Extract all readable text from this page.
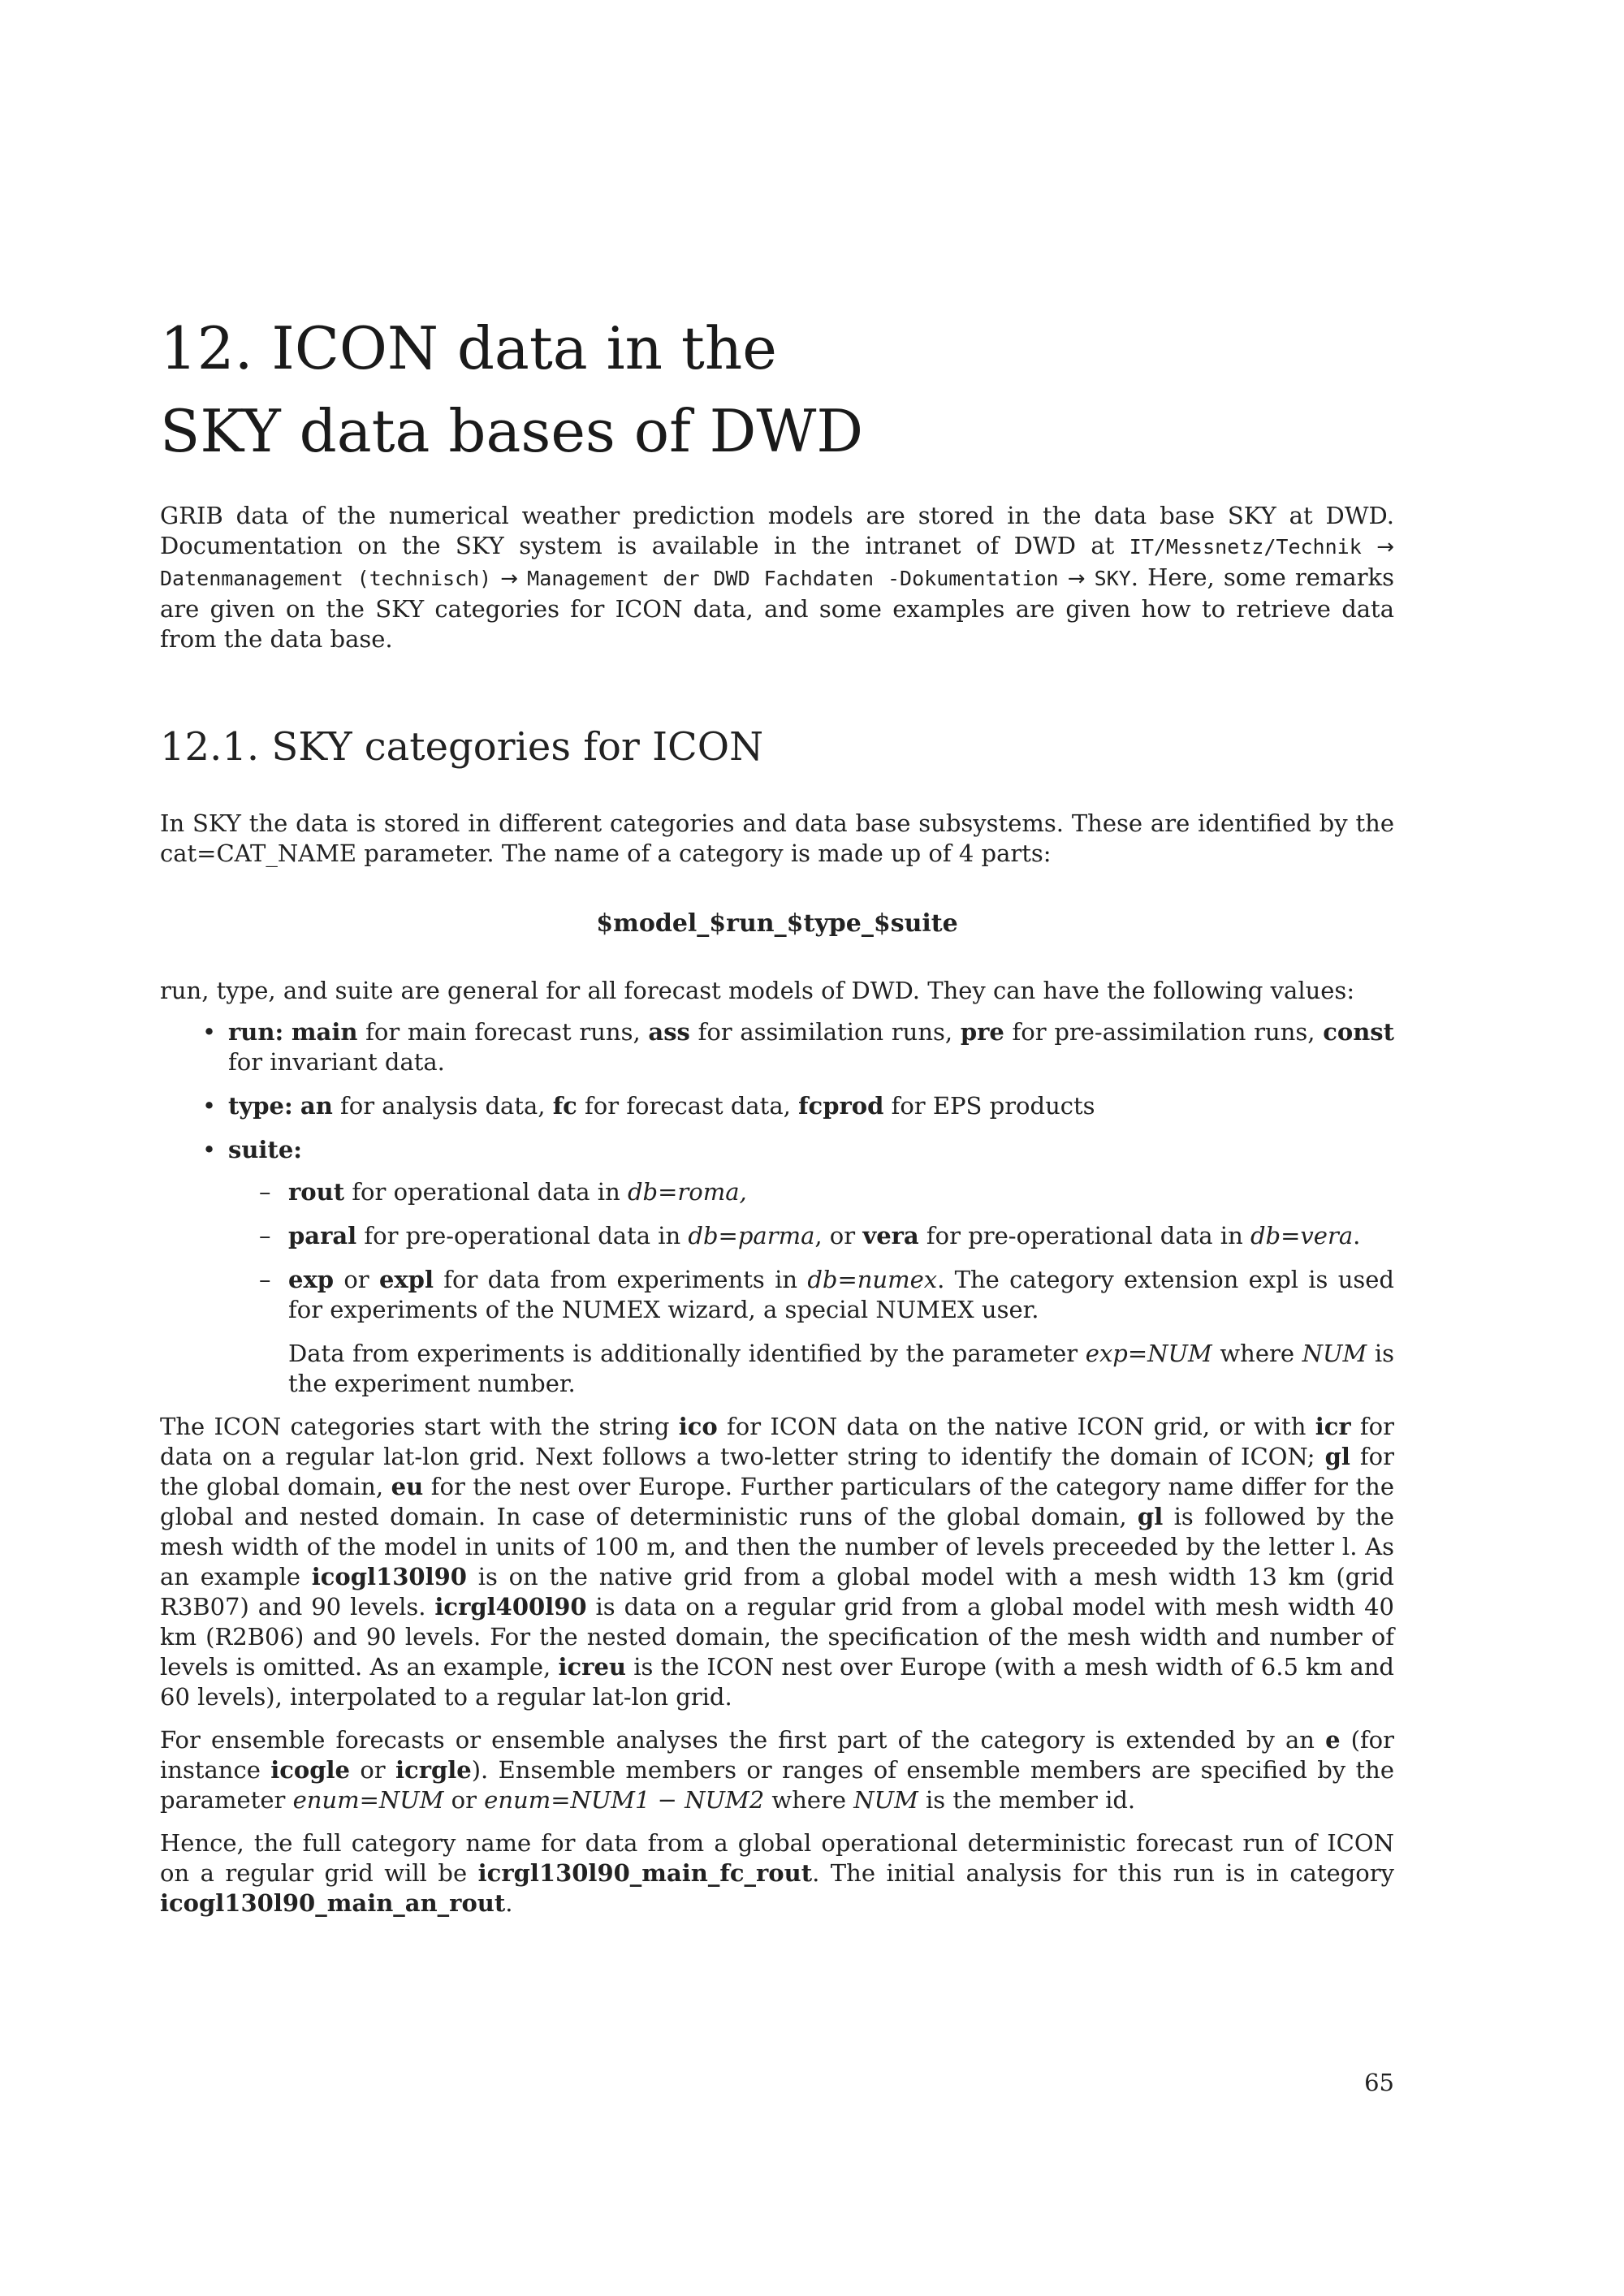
12. ICON data in the
SKY data bases of DWD

GRIB data of the numerical weather prediction models are stored in the data base SKY at DWD. Documentation on the SKY system is available in the intranet of DWD at IT/Messnetz/Technik → Datenmanagement (technisch) → Management der DWD Fachdaten -Dokumentation → SKY. Here, some remarks are given on the SKY categories for ICON data, and some examples are given how to retrieve data from the data base.

12.1. SKY categories for ICON

In SKY the data is stored in different categories and data base subsystems. These are identified by the cat=CAT_NAME parameter. The name of a category is made up of 4 parts:

$model_$run_$type_$suite

run, type, and suite are general for all forecast models of DWD. They can have the following values:

• run: main for main forecast runs, ass for assimilation runs, pre for pre-assimilation runs, const for invariant data.
• type: an for analysis data, fc for forecast data, fcprod for EPS products
• suite:
– rout for operational data in db=roma,
– paral for pre-operational data in db=parma, or vera for pre-operational data in db=vera.
– exp or expl for data from experiments in db=numex. The category extension expl is used for experiments of the NUMEX wizard, a special NUMEX user.

Data from experiments is additionally identified by the parameter exp=NUM where NUM is the experiment number.

The ICON categories start with the string ico for ICON data on the native ICON grid, or with icr for data on a regular lat-lon grid. Next follows a two-letter string to identify the domain of ICON; gl for the global domain, eu for the nest over Europe. Further particulars of the category name differ for the global and nested domain. In case of deterministic runs of the global domain, gl is followed by the mesh width of the model in units of 100 m, and then the number of levels preceeded by the letter l. As an example icogl130l90 is on the native grid from a global model with a mesh width 13 km (grid R3B07) and 90 levels. icrgl400l90 is data on a regular grid from a global model with mesh width 40 km (R2B06) and 90 levels. For the nested domain, the specification of the mesh width and number of levels is omitted. As an example, icreu is the ICON nest over Europe (with a mesh width of 6.5 km and 60 levels), interpolated to a regular lat-lon grid.

For ensemble forecasts or ensemble analyses the first part of the category is extended by an e (for instance icogle or icrgle). Ensemble members or ranges of ensemble members are specified by the parameter enum=NUM or enum=NUM1 − NUM2 where NUM is the member id.

Hence, the full category name for data from a global operational deterministic forecast run of ICON on a regular grid will be icrgl130l90_main_fc_rout. The initial analysis for this run is in category icogl130l90_main_an_rout.

65
